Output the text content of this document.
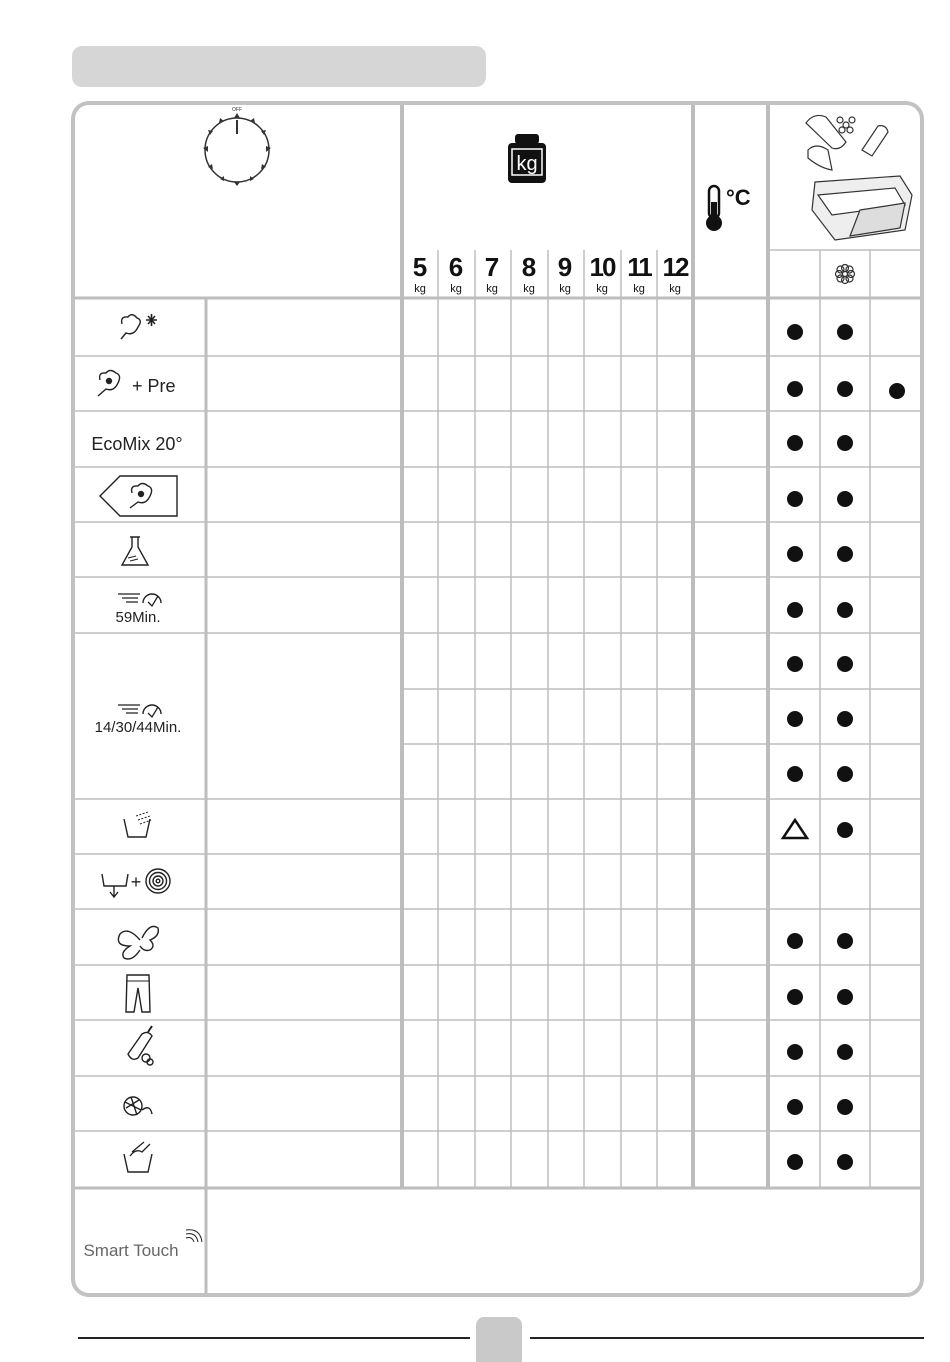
OFF
kg
°C
5 6 7 8 9 10 11 12
kg kg kg kg kg kg kg kg
+ Pre
EcoMix 20°
59Min.
14/30/44Min.
+
Smart Touch
